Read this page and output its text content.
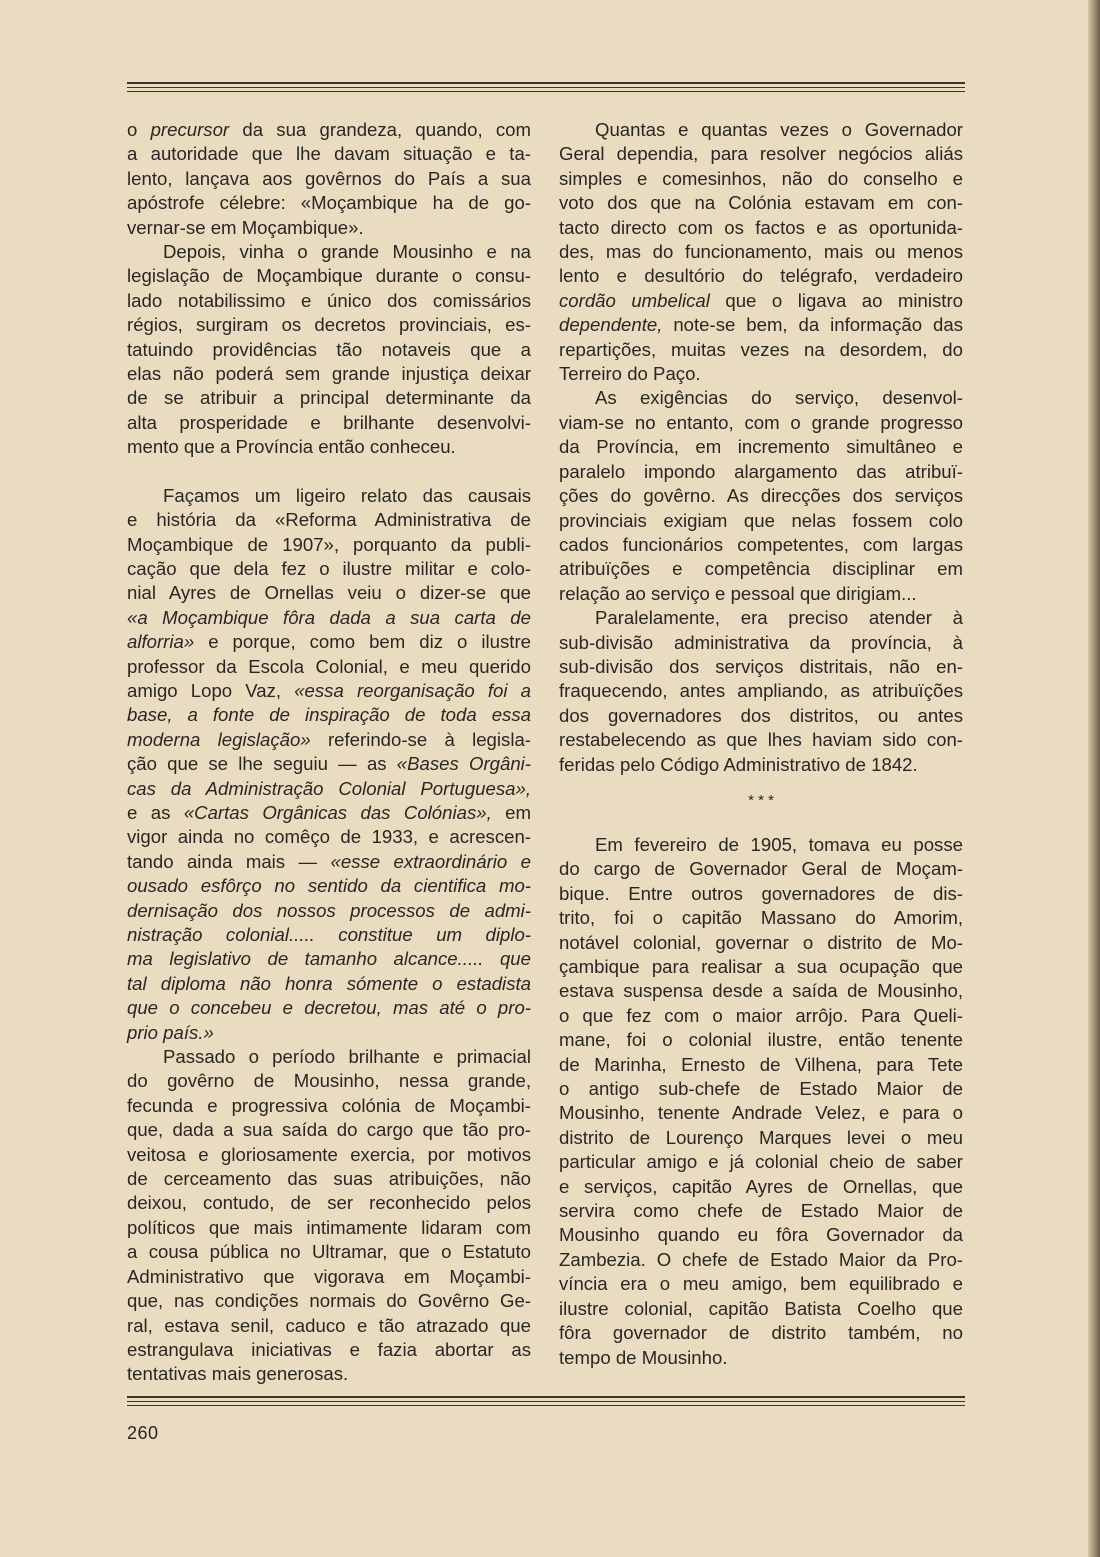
o precursor da sua grandeza, quando, com
a autoridade que lhe davam situação e ta-
lento, lançava aos govêrnos do País a sua
apóstrofe célebre: «Moçambique ha de go-
vernar-se em Moçambique».

Depois, vinha o grande Mousinho e na
legislação de Moçambique durante o consu-
lado notabilissimo e único dos comissários
régios, surgiram os decretos provinciais, es-
tatuindo providências tão notaveis que a
elas não poderá sem grande injustiça deixar
de se atribuir a principal determinante da
alta prosperidade e brilhante desenvolvi-
mento que a Província então conheceu.

Façamos um ligeiro relato das causais
e história da «Reforma Administrativa de
Moçambique de 1907», porquanto da publi-
cação que dela fez o ilustre militar e colo-
nial Ayres de Ornellas veiu o dizer-se que
«a Moçambique fôra dada a sua carta de
alforria» e porque, como bem diz o ilustre
professor da Escola Colonial, e meu querido
amigo Lopo Vaz, «essa reorganisação foi a
base, a fonte de inspiração de toda essa
moderna legislação» referindo-se à legisla-
ção que se lhe seguiu — as «Bases Orgâni-
cas da Administração Colonial Portuguesa»,
e as «Cartas Orgânicas das Colónias», em
vigor ainda no comêço de 1933, e acrescen-
tando ainda mais — «esse extraordinário e
ousado esfôrço no sentido da cientifica mo-
dernisação dos nossos processos de admi-
nistração colonial..... constitue um diplo-
ma legislativo de tamanho alcance..... que
tal diploma não honra sómente o estadista
que o concebeu e decretou, mas até o pro-
prio país.»

Passado o período brilhante e primacial
do govêrno de Mousinho, nessa grande,
fecunda e progressiva colónia de Moçambi-
que, dada a sua saída do cargo que tão pro-
veitosa e gloriosamente exercia, por motivos
de cerceamento das suas atribuições, não
deixou, contudo, de ser reconhecido pelos
políticos que mais intimamente lidaram com
a cousa pública no Ultramar, que o Estatuto
Administrativo que vigorava em Moçambi-
que, nas condições normais do Govêrno Ge-
ral, estava senil, caduco e tão atrazado que
estrangulava iniciativas e fazia abortar as
tentativas mais generosas.

Quantas e quantas vezes o Governador
Geral dependia, para resolver negócios aliás
simples e comesinhos, não do conselho e
voto dos que na Colónia estavam em con-
tacto directo com os factos e as oportunida-
des, mas do funcionamento, mais ou menos
lento e desultório do telégrafo, verdadeiro
cordão umbelical que o ligava ao ministro
dependente, note-se bem, da informação das
repartições, muitas vezes na desordem, do
Terreiro do Paço.

As exigências do serviço, desenvol-
viam-se no entanto, com o grande progresso
da Província, em incremento simultâneo e
paralelo impondo alargamento das atribuï-
ções do govêrno. As direcções dos serviços
provinciais exigiam que nelas fossem colo
cados funcionários competentes, com largas
atribuïções e competência disciplinar em
relação ao serviço e pessoal que dirigiam...

Paralelamente, era preciso atender à
sub-divisão administrativa da província, à
sub-divisão dos serviços distritais, não en-
fraquecendo, antes ampliando, as atribuïções
dos governadores dos distritos, ou antes
restabelecendo as que lhes haviam sido con-
feridas pelo Código Administrativo de 1842.

* * *

Em fevereiro de 1905, tomava eu posse
do cargo de Governador Geral de Moçam-
bique. Entre outros governadores de dis-
trito, foi o capitão Massano do Amorim,
notável colonial, governar o distrito de Mo-
çambique para realisar a sua ocupação que
estava suspensa desde a saída de Mousinho,
o que fez com o maior arrôjo. Para Queli-
mane, foi o colonial ilustre, então tenente
de Marinha, Ernesto de Vilhena, para Tete
o antigo sub-chefe de Estado Maior de
Mousinho, tenente Andrade Velez, e para o
distrito de Lourenço Marques levei o meu
particular amigo e já colonial cheio de saber
e serviços, capitão Ayres de Ornellas, que
servira como chefe de Estado Maior de
Mousinho quando eu fôra Governador da
Zambezia. O chefe de Estado Maior da Pro-
víncia era o meu amigo, bem equilibrado e
ilustre colonial, capitão Batista Coelho que
fôra governador de distrito também, no
tempo de Mousinho.

260
